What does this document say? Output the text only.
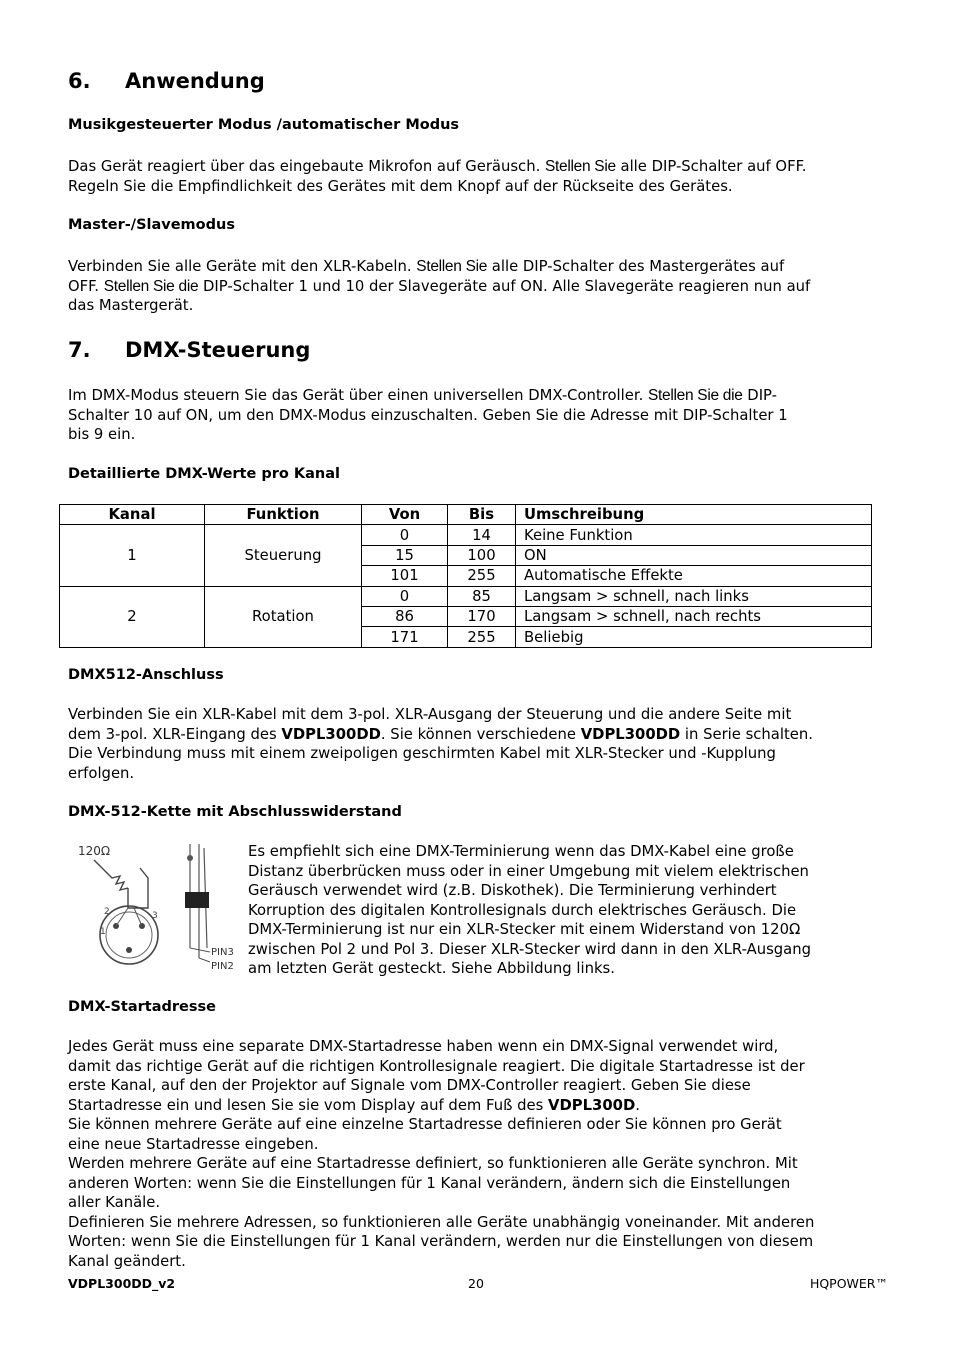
6. Anwendung

Musikgesteuerter Modus /automatischer Modus

Das Gerät reagiert über das eingebaute Mikrofon auf Geräusch. Stellen Sie alle DIP-Schalter auf OFF.
Regeln Sie die Empfindlichkeit des Gerätes mit dem Knopf auf der Rückseite des Gerätes.

Master-/Slavemodus

Verbinden Sie alle Geräte mit den XLR-Kabeln. Stellen Sie alle DIP-Schalter des Mastergerätes auf
OFF. Stellen Sie die DIP-Schalter 1 und 10 der Slavegeräte auf ON. Alle Slavegeräte reagieren nun auf
das Mastergerät.

7. DMX-Steuerung

Im DMX-Modus steuern Sie das Gerät über einen universellen DMX-Controller. Stellen Sie die DIP-
Schalter 10 auf ON, um den DMX-Modus einzuschalten. Geben Sie die Adresse mit DIP-Schalter 1
bis 9 ein.

Detaillierte DMX-Werte pro Kanal

Kanal	Funktion	Von	Bis	Umschreibung
1	Steuerung	0	14	Keine Funktion
		15	100	ON
		101	255	Automatische Effekte
2	Rotation	0	85	Langsam > schnell, nach links
		86	170	Langsam > schnell, nach rechts
		171	255	Beliebig

DMX512-Anschluss

Verbinden Sie ein XLR-Kabel mit dem 3-pol. XLR-Ausgang der Steuerung und die andere Seite mit
dem 3-pol. XLR-Eingang des VDPL300DD. Sie können verschiedene VDPL300DD in Serie schalten.
Die Verbindung muss mit einem zweipoligen geschirmten Kabel mit XLR-Stecker und -Kupplung
erfolgen.

DMX-512-Kette mit Abschlusswiderstand

120Ω
2
1
3
PIN3
PIN2

Es empfiehlt sich eine DMX-Terminierung wenn das DMX-Kabel eine große
Distanz überbrücken muss oder in einer Umgebung mit vielem elektrischen
Geräusch verwendet wird (z.B. Diskothek). Die Terminierung verhindert
Korruption des digitalen Kontrollesignals durch elektrisches Geräusch. Die
DMX-Terminierung ist nur ein XLR-Stecker mit einem Widerstand von 120Ω
zwischen Pol 2 und Pol 3. Dieser XLR-Stecker wird dann in den XLR-Ausgang
am letzten Gerät gesteckt. Siehe Abbildung links.

DMX-Startadresse

Jedes Gerät muss eine separate DMX-Startadresse haben wenn ein DMX-Signal verwendet wird,
damit das richtige Gerät auf die richtigen Kontrollesignale reagiert. Die digitale Startadresse ist der
erste Kanal, auf den der Projektor auf Signale vom DMX-Controller reagiert. Geben Sie diese
Startadresse ein und lesen Sie sie vom Display auf dem Fuß des VDPL300D.
Sie können mehrere Geräte auf eine einzelne Startadresse definieren oder Sie können pro Gerät
eine neue Startadresse eingeben.
Werden mehrere Geräte auf eine Startadresse definiert, so funktionieren alle Geräte synchron. Mit
anderen Worten: wenn Sie die Einstellungen für 1 Kanal verändern, ändern sich die Einstellungen
aller Kanäle.
Definieren Sie mehrere Adressen, so funktionieren alle Geräte unabhängig voneinander. Mit anderen
Worten: wenn Sie die Einstellungen für 1 Kanal verändern, werden nur die Einstellungen von diesem
Kanal geändert.

VDPL300DD_v2	20	HQPOWER™
